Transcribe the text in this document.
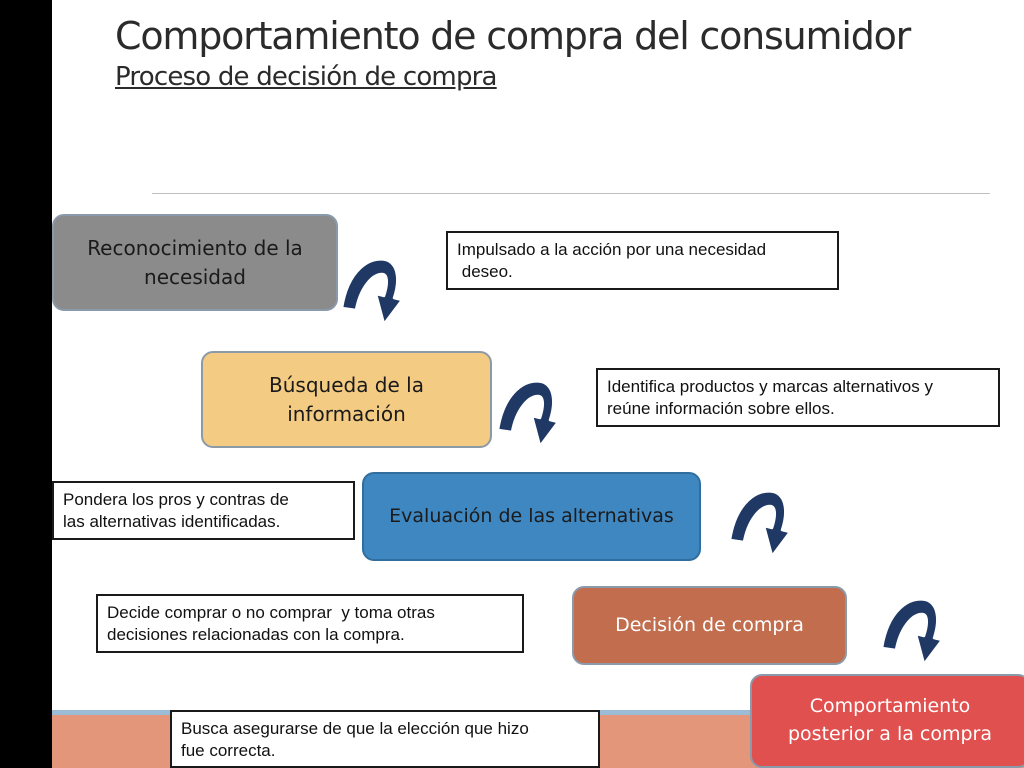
Comportamiento de compra del consumidor
Proceso de decisión de compra
Reconocimiento de la
necesidad
Búsqueda de la
información
Evaluación de las alternativas
Decisión de compra
Comportamiento
posterior a la compra
Impulsado a la acción por una necesidad
deseo.
Identifica productos y marcas alternativos y
reúne información sobre ellos.
Pondera los pros y contras de
las alternativas identificadas.
Decide comprar o no comprar  y toma otras
decisiones relacionadas con la compra.
Busca asegurarse de que la elección que hizo
fue correcta.
